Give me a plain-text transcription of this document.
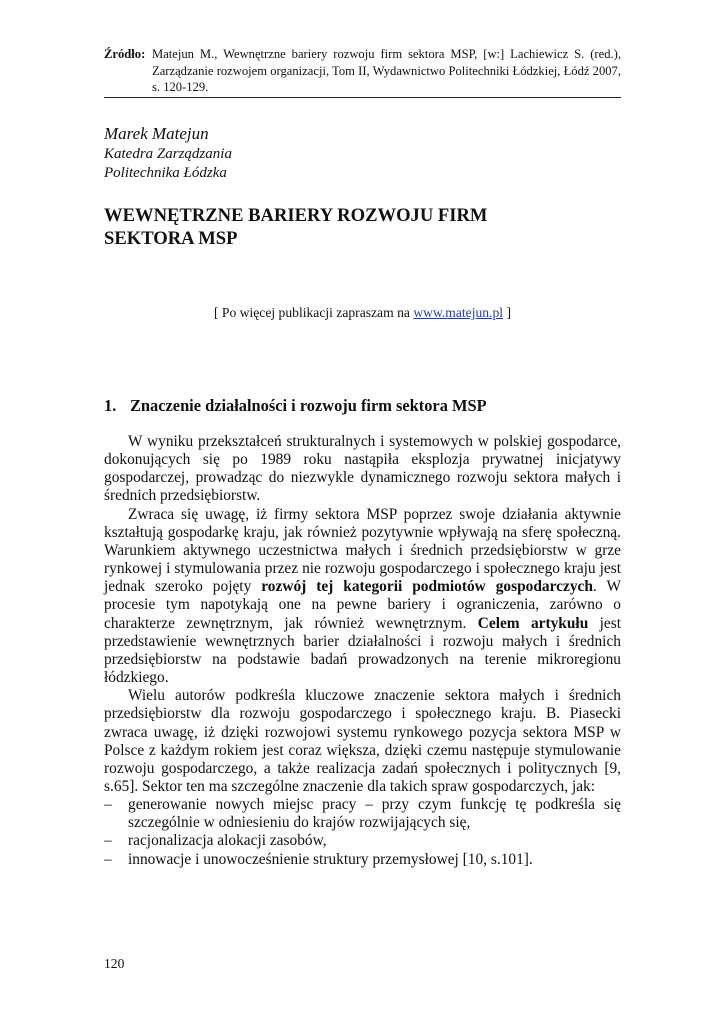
Źródło: Matejun M., Wewnętrzne bariery rozwoju firm sektora MSP, [w:] Lachiewicz S. (red.), Zarządzanie rozwojem organizacji, Tom II, Wydawnictwo Politechniki Łódzkiej, Łódź 2007, s. 120-129.
Marek Matejun
Katedra Zarządzania
Politechnika Łódzka
WEWNĘTRZNE BARIERY ROZWOJU FIRM
SEKTORA MSP
[ Po więcej publikacji zapraszam na www.matejun.pl ]
1. Znaczenie działalności i rozwoju firm sektora MSP

W wyniku przekształceń strukturalnych i systemowych w polskiej gospodarce, dokonujących się po 1989 roku nastąpiła eksplozja prywatnej inicjatywy gospodarczej, prowadząc do niezwykle dynamicznego rozwoju sektora małych i średnich przedsiębiorstw.

Zwraca się uwagę, iż firmy sektora MSP poprzez swoje działania aktywnie kształtują gospodarkę kraju, jak również pozytywnie wpływają na sferę społeczną. Warunkiem aktywnego uczestnictwa małych i średnich przedsiębiorstw w grze rynkowej i stymulowania przez nie rozwoju gospodarczego i społecznego kraju jest jednak szeroko pojęty rozwój tej kategorii podmiotów gospodarczych. W procesie tym napotykają one na pewne bariery i ograniczenia, zarówno o charakterze zewnętrznym, jak również wewnętrznym. Celem artykułu jest przedstawienie wewnętrznych barier działalności i rozwoju małych i średnich przedsiębiorstw na podstawie badań prowadzonych na terenie mikroregionu łódzkiego.

Wielu autorów podkreśla kluczowe znaczenie sektora małych i średnich przedsiębiorstw dla rozwoju gospodarczego i społecznego kraju. B. Piasecki zwraca uwagę, iż dzięki rozwojowi systemu rynkowego pozycja sektora MSP w Polsce z każdym rokiem jest coraz większa, dzięki czemu następuje stymulowanie rozwoju gospodarczego, a także realizacja zadań społecznych i politycznych [9, s.65]. Sektor ten ma szczególne znaczenie dla takich spraw gospodarczych, jak:

– generowanie nowych miejsc pracy – przy czym funkcję tę podkreśla się szczególnie w odniesieniu do krajów rozwijających się,
– racjonalizacja alokacji zasobów,
– innowacje i unowocześnienie struktury przemysłowej [10, s.101].
120
